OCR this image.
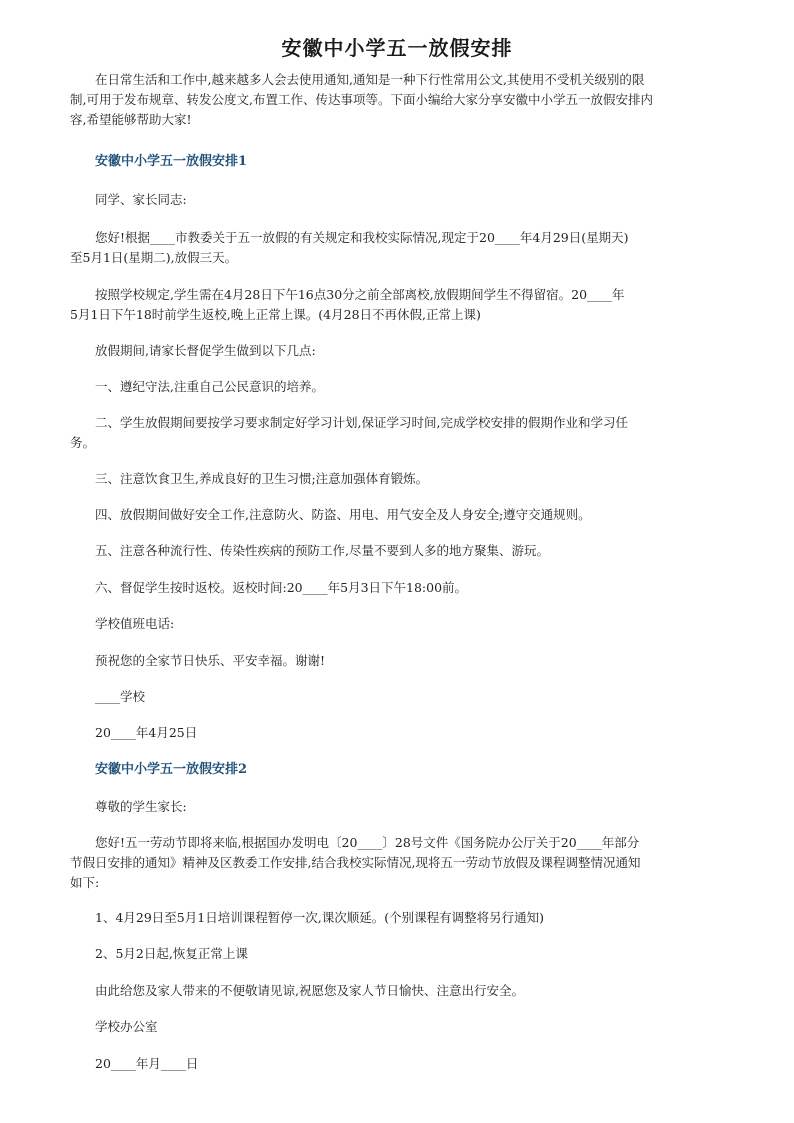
安徽中小学五一放假安排
在日常生活和工作中,越来越多人会去使用通知,通知是一种下行性常用公文,其使用不受机关级别的限
制,可用于发布规章、转发公度文,布置工作、传达事项等。下面小编给大家分享安徽中小学五一放假安排内
容,希望能够帮助大家!
安徽中小学五一放假安排1
同学、家长同志:
您好!根据____市教委关于五一放假的有关规定和我校实际情况,现定于20____年4月29日(星期天)
至5月1日(星期二),放假三天。
按照学校规定,学生需在4月28日下午16点30分之前全部离校,放假期间学生不得留宿。20____年
5月1日下午18时前学生返校,晚上正常上课。(4月28日不再休假,正常上课)
放假期间,请家长督促学生做到以下几点:
一、遵纪守法,注重自己公民意识的培养。
二、学生放假期间要按学习要求制定好学习计划,保证学习时间,完成学校安排的假期作业和学习任
务。
三、注意饮食卫生,养成良好的卫生习惯;注意加强体育锻炼。
四、放假期间做好安全工作,注意防火、防盗、用电、用气安全及人身安全;遵守交通规则。
五、注意各种流行性、传染性疾病的预防工作,尽量不要到人多的地方聚集、游玩。
六、督促学生按时返校。返校时间:20____年5月3日下午18:00前。
学校值班电话:
预祝您的全家节日快乐、平安幸福。谢谢!
____学校
20____年4月25日
安徽中小学五一放假安排2
尊敬的学生家长:
您好!五一劳动节即将来临,根据国办发明电〔20____〕28号文件《国务院办公厅关于20____年部分
节假日安排的通知》精神及区教委工作安排,结合我校实际情况,现将五一劳动节放假及课程调整情况通知
如下:
1、4月29日至5月1日培训课程暂停一次,课次顺延。(个别课程有调整将另行通知)
2、5月2日起,恢复正常上课
由此给您及家人带来的不便敬请见谅,祝愿您及家人节日愉快、注意出行安全。
学校办公室
20____年月____日
